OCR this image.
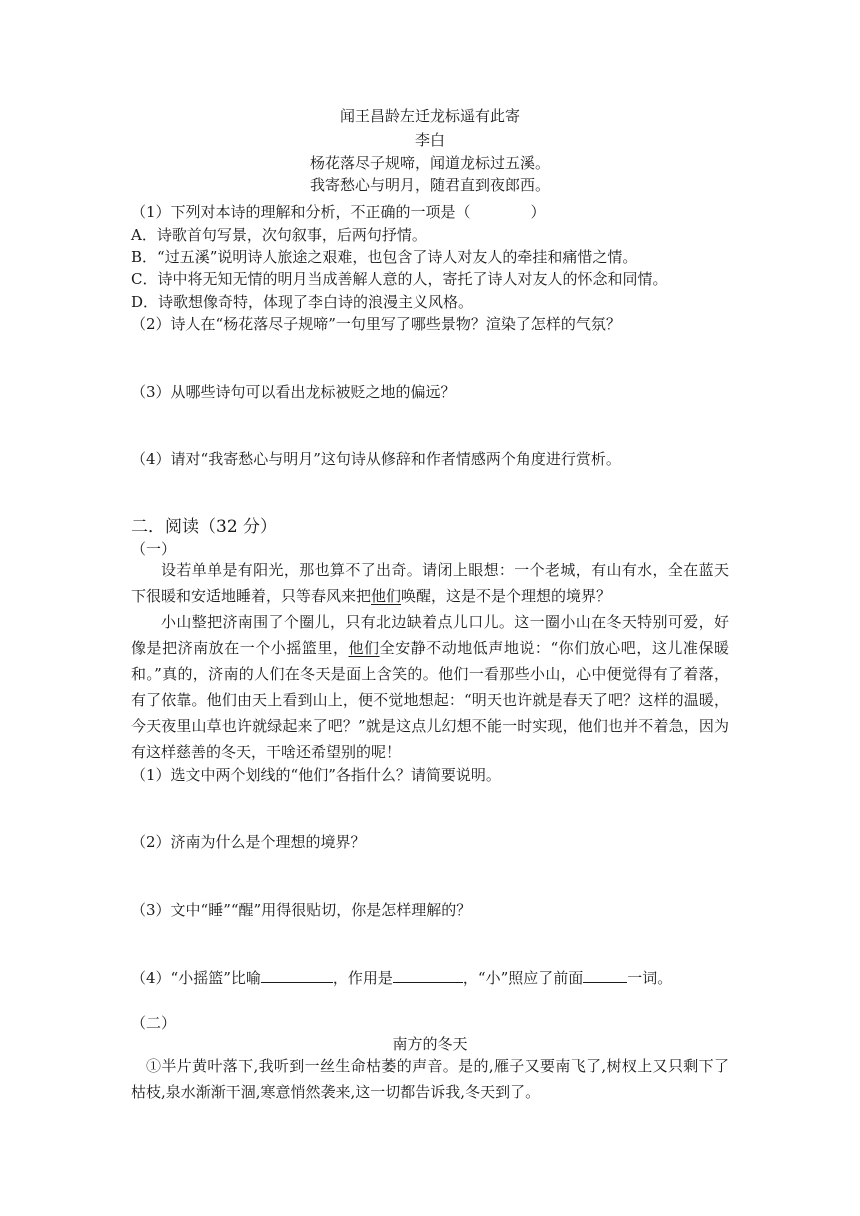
闻王昌龄左迁龙标遥有此寄
李白
杨花落尽子规啼，闻道龙标过五溪。
我寄愁心与明月，随君直到夜郎西。
（1）下列对本诗的理解和分析，不正确的一项是（　　　　）
A．诗歌首句写景，次句叙事，后两句抒情。
B．“过五溪”说明诗人旅途之艰难，也包含了诗人对友人的牵挂和痛惜之情。
C．诗中将无知无情的明月当成善解人意的人，寄托了诗人对友人的怀念和同情。
D．诗歌想像奇特，体现了李白诗的浪漫主义风格。
（2）诗人在“杨花落尽子规啼”一句里写了哪些景物？渲染了怎样的气氛？
（3）从哪些诗句可以看出龙标被贬之地的偏远？
（4）请对“我寄愁心与明月”这句诗从修辞和作者情感两个角度进行赏析。
二．阅读（32 分）
（一）
设若单单是有阳光，那也算不了出奇。请闭上眼想：一个老城，有山有水，全在蓝天下很暖和安适地睡着，只等春风来把他们唤醒，这是不是个理想的境界？
小山整把济南围了个圈儿，只有北边缺着点儿口儿。这一圈小山在冬天特别可爱，好像是把济南放在一个小摇篮里，他们全安静不动地低声地说：“你们放心吧，这儿准保暖和。”真的，济南的人们在冬天是面上含笑的。他们一看那些小山，心中便觉得有了着落，有了依靠。他们由天上看到山上，便不觉地想起：“明天也许就是春天了吧？这样的温暖，今天夜里山草也许就绿起来了吧？”就是这点儿幻想不能一时实现，他们也并不着急，因为有这样慈善的冬天，干啥还希望别的呢！
（1）选文中两个划线的“他们”各指什么？请简要说明。
（2）济南为什么是个理想的境界？
（3）文中“睡”“醒”用得很贴切，你是怎样理解的？
（4）“小摇篮”比喻	，作用是	，“小”照应了前面	一词。
（二）
南方的冬天
①半片黄叶落下,我听到一丝生命枯萎的声音。是的,雁子又要南飞了,树杈上又只剩下了枯枝,泉水渐渐干涸,寒意悄然袭来,这一切都告诉我,冬天到了。
